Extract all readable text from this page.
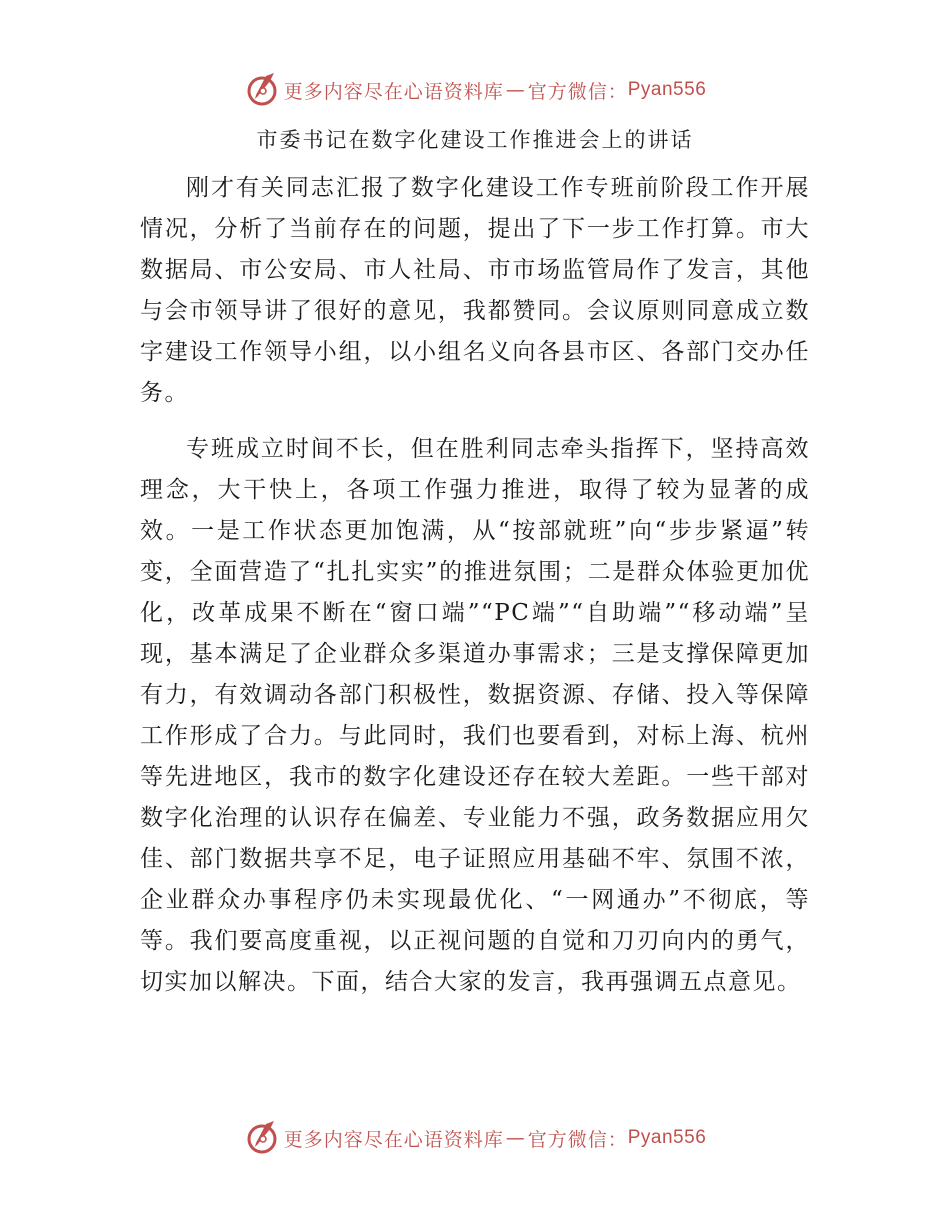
更多内容尽在心语资料库 — 官方微信： Pyan556
市委书记在数字化建设工作推进会上的讲话

刚才有关同志汇报了数字化建设工作专班前阶段工作开展情况，分析了当前存在的问题，提出了下一步工作打算。市大数据局、市公安局、市人社局、市市场监管局作了发言，其他与会市领导讲了很好的意见，我都赞同。会议原则同意成立数字建设工作领导小组，以小组名义向各县市区、各部门交办任务。

专班成立时间不长，但在胜利同志牵头指挥下，坚持高效理念，大干快上，各项工作强力推进，取得了较为显著的成效。一是工作状态更加饱满，从“按部就班”向“步步紧逼”转变，全面营造了“扎扎实实”的推进氛围；二是群众体验更加优化，改革成果不断在“窗口端”“PC端”“自助端”“移动端”呈现，基本满足了企业群众多渠道办事需求；三是支撑保障更加有力，有效调动各部门积极性，数据资源、存储、投入等保障工作形成了合力。与此同时，我们也要看到，对标上海、杭州等先进地区，我市的数字化建设还存在较大差距。一些干部对数字化治理的认识存在偏差、专业能力不强，政务数据应用欠佳、部门数据共享不足，电子证照应用基础不牢、氛围不浓，企业群众办事程序仍未实现最优化、“一网通办”不彻底，等等。我们要高度重视，以正视问题的自觉和刀刃向内的勇气，切实加以解决。下面，结合大家的发言，我再强调五点意见。

更多内容尽在心语资料库 — 官方微信： Pyan556
